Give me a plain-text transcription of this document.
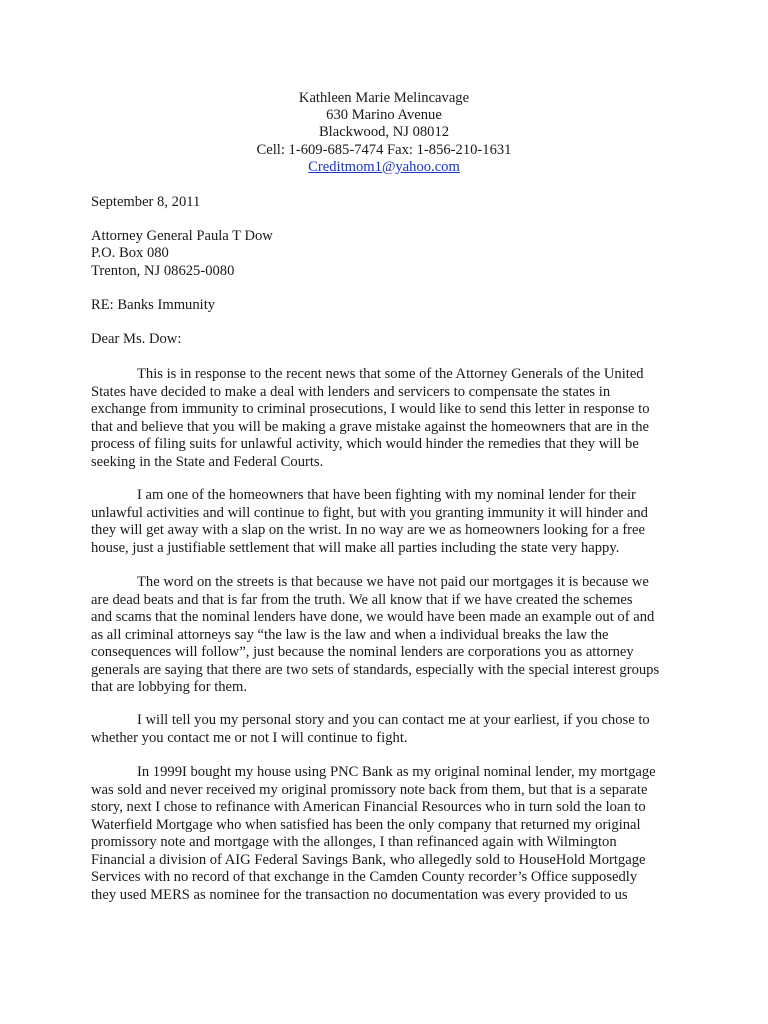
Kathleen Marie Melincavage
630 Marino Avenue
Blackwood, NJ 08012
Cell: 1-609-685-7474 Fax: 1-856-210-1631
Creditmom1@yahoo.com
September 8, 2011
Attorney General Paula T Dow
P.O. Box 080
Trenton, NJ 08625-0080
RE: Banks Immunity
Dear Ms. Dow:
This is in response to the recent news that some of the Attorney Generals of the United
States have decided to make a deal with lenders and servicers to compensate the states in
exchange from immunity to criminal prosecutions, I would like to send this letter in response to
that and believe that you will be making a grave mistake against the homeowners that are in the
process of filing suits for unlawful activity, which would hinder the remedies that they will be
seeking in the State and Federal Courts.
I am one of the homeowners that have been fighting with my nominal lender for their
unlawful activities and will continue to fight, but with you granting immunity it will hinder and
they will get away with a slap on the wrist. In no way are we as homeowners looking for a free
house, just a justifiable settlement that will make all parties including the state very happy.
The word on the streets is that because we have not paid our mortgages it is because we
are dead beats and that is far from the truth. We all know that if we have created the schemes
and scams that the nominal lenders have done, we would have been made an example out of and
as all criminal attorneys say “the law is the law and when a individual breaks the law the
consequences will follow”, just because the nominal lenders are corporations you as attorney
generals are saying that there are two sets of standards, especially with the special interest groups
that are lobbying for them.
I will tell you my personal story and you can contact me at your earliest, if you chose to
whether you contact me or not I will continue to fight.
In 1999I bought my house using PNC Bank as my original nominal lender, my mortgage
was sold and never received my original promissory note back from them, but that is a separate
story, next I chose to refinance with American Financial Resources who in turn sold the loan to
Waterfield Mortgage who when satisfied has been the only company that returned my original
promissory note and mortgage with the allonges, I than refinanced again with Wilmington
Financial a division of AIG Federal Savings Bank, who allegedly sold to HouseHold Mortgage
Services with no record of that exchange in the Camden County recorder’s Office supposedly
they used MERS as nominee for the transaction no documentation was every provided to us
